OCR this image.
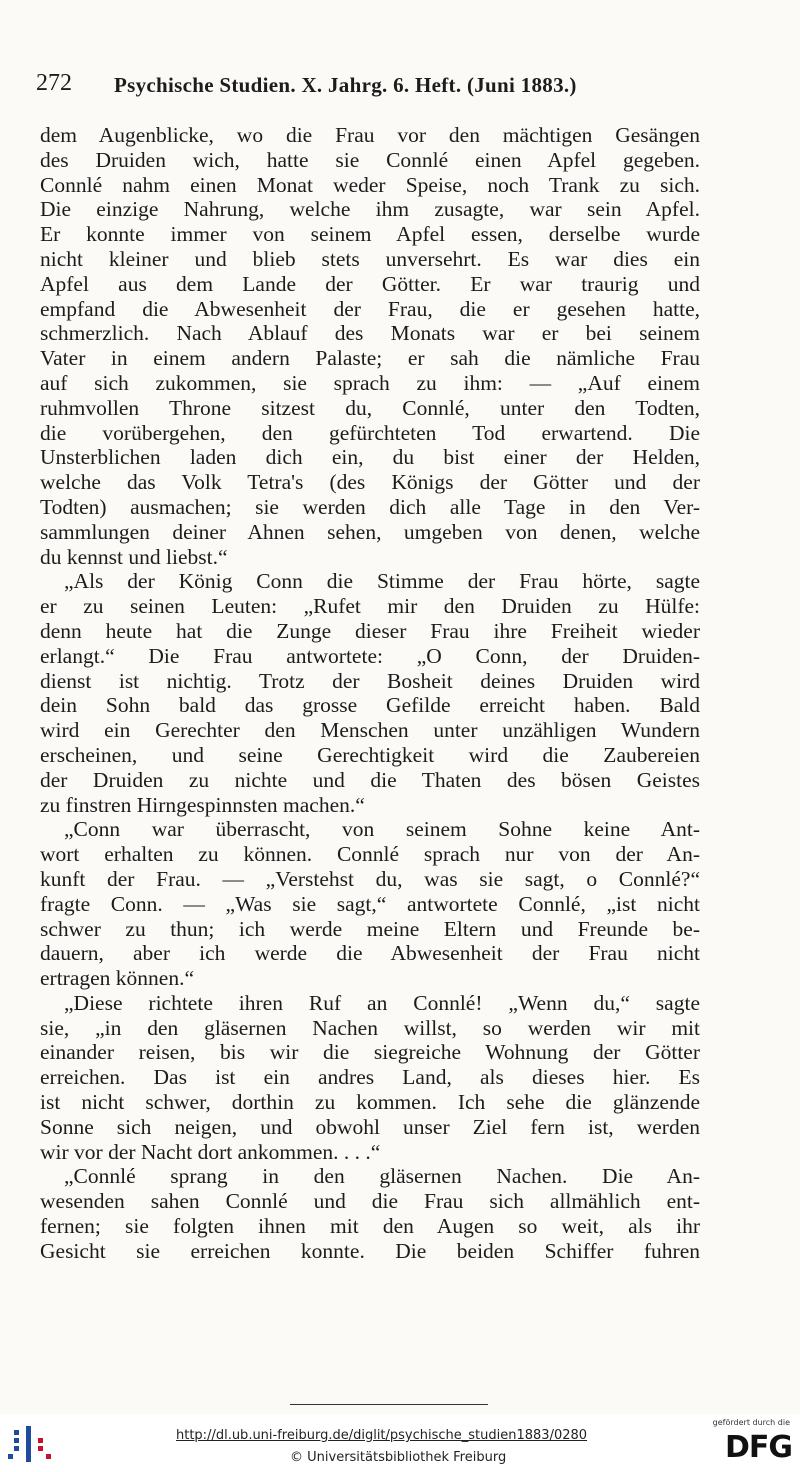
272 Psychische Studien. X. Jahrg. 6. Heft. (Juni 1883.)
dem Augenblicke, wo die Frau vor den mächtigen Gesängen
des Druiden wich, hatte sie Connlé einen Apfel gegeben.
Connlé nahm einen Monat weder Speise, noch Trank zu sich.
Die einzige Nahrung, welche ihm zusagte, war sein Apfel.
Er konnte immer von seinem Apfel essen, derselbe wurde
nicht kleiner und blieb stets unversehrt. Es war dies ein
Apfel aus dem Lande der Götter. Er war traurig und
empfand die Abwesenheit der Frau, die er gesehen hatte,
schmerzlich. Nach Ablauf des Monats war er bei seinem
Vater in einem andern Palaste; er sah die nämliche Frau
auf sich zukommen, sie sprach zu ihm: — „Auf einem
ruhmvollen Throne sitzest du, Connlé, unter den Todten,
die vorübergehen, den gefürchteten Tod erwartend. Die
Unsterblichen laden dich ein, du bist einer der Helden,
welche das Volk Tetra's (des Königs der Götter und der
Todten) ausmachen; sie werden dich alle Tage in den Ver-
sammlungen deiner Ahnen sehen, umgeben von denen, welche
du kennst und liebst.“
„Als der König Conn die Stimme der Frau hörte, sagte
er zu seinen Leuten: „Rufet mir den Druiden zu Hülfe:
denn heute hat die Zunge dieser Frau ihre Freiheit wieder
erlangt.“ Die Frau antwortete: „O Conn, der Druiden-
dienst ist nichtig. Trotz der Bosheit deines Druiden wird
dein Sohn bald das grosse Gefilde erreicht haben. Bald
wird ein Gerechter den Menschen unter unzähligen Wundern
erscheinen, und seine Gerechtigkeit wird die Zaubereien
der Druiden zu nichte und die Thaten des bösen Geistes
zu finstren Hirngespinnsten machen.“
„Conn war überrascht, von seinem Sohne keine Ant-
wort erhalten zu können. Connlé sprach nur von der An-
kunft der Frau. — „Verstehst du, was sie sagt, o Connlé?“
fragte Conn. — „Was sie sagt,“ antwortete Connlé, „ist nicht
schwer zu thun; ich werde meine Eltern und Freunde be-
dauern, aber ich werde die Abwesenheit der Frau nicht
ertragen können.“
„Diese richtete ihren Ruf an Connlé! „Wenn du,“ sagte
sie, „in den gläsernen Nachen willst, so werden wir mit
einander reisen, bis wir die siegreiche Wohnung der Götter
erreichen. Das ist ein andres Land, als dieses hier. Es
ist nicht schwer, dorthin zu kommen. Ich sehe die glänzende
Sonne sich neigen, und obwohl unser Ziel fern ist, werden
wir vor der Nacht dort ankommen. . . .“
„Connlé sprang in den gläsernen Nachen. Die An-
wesenden sahen Connlé und die Frau sich allmählich ent-
fernen; sie folgten ihnen mit den Augen so weit, als ihr
Gesicht sie erreichen konnte. Die beiden Schiffer fuhren
http://dl.ub.uni-freiburg.de/diglit/psychische_studien1883/0280
© Universitätsbibliothek Freiburg
gefördert durch die
DFG
